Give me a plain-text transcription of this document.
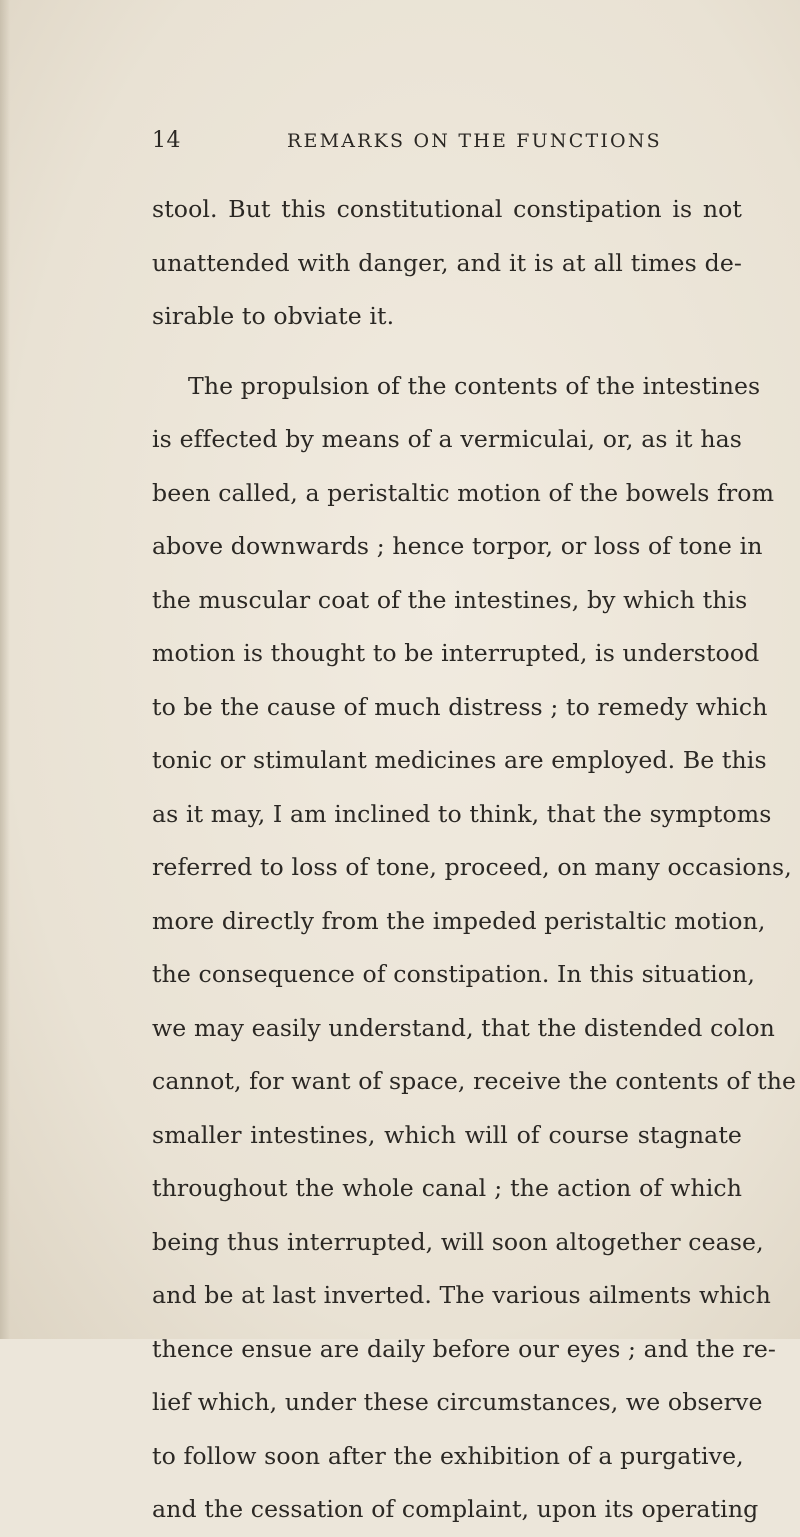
14	REMARKS ON THE FUNCTIONS
stool. But this constitutional constipation is not
unattended with danger, and it is at all times de-
sirable to obviate it.
The propulsion of the contents of the intestines
is effected by means of a vermiculai, or, as it has
been called, a peristaltic motion of the bowels from
above downwards ; hence torpor, or loss of tone in
the muscular coat of the intestines, by which this
motion is thought to be interrupted, is understood
to be the cause of much distress ; to remedy which
tonic or stimulant medicines are employed. Be this
as it may, I am inclined to think, that the symptoms
referred to loss of tone, proceed, on many occasions,
more directly from the impeded peristaltic motion,
the consequence of constipation. In this situation,
we may easily understand, that the distended colon
cannot, for want of space, receive the contents of the
smaller intestines, which will of course stagnate
throughout the whole canal ; the action of which
being thus interrupted, will soon altogether cease,
and be at last inverted. The various ailments which
thence ensue are daily before our eyes ; and the re-
lief which, under these circumstances, we observe
to follow soon after the exhibition of a purgative,
and the cessation of complaint, upon its operating
